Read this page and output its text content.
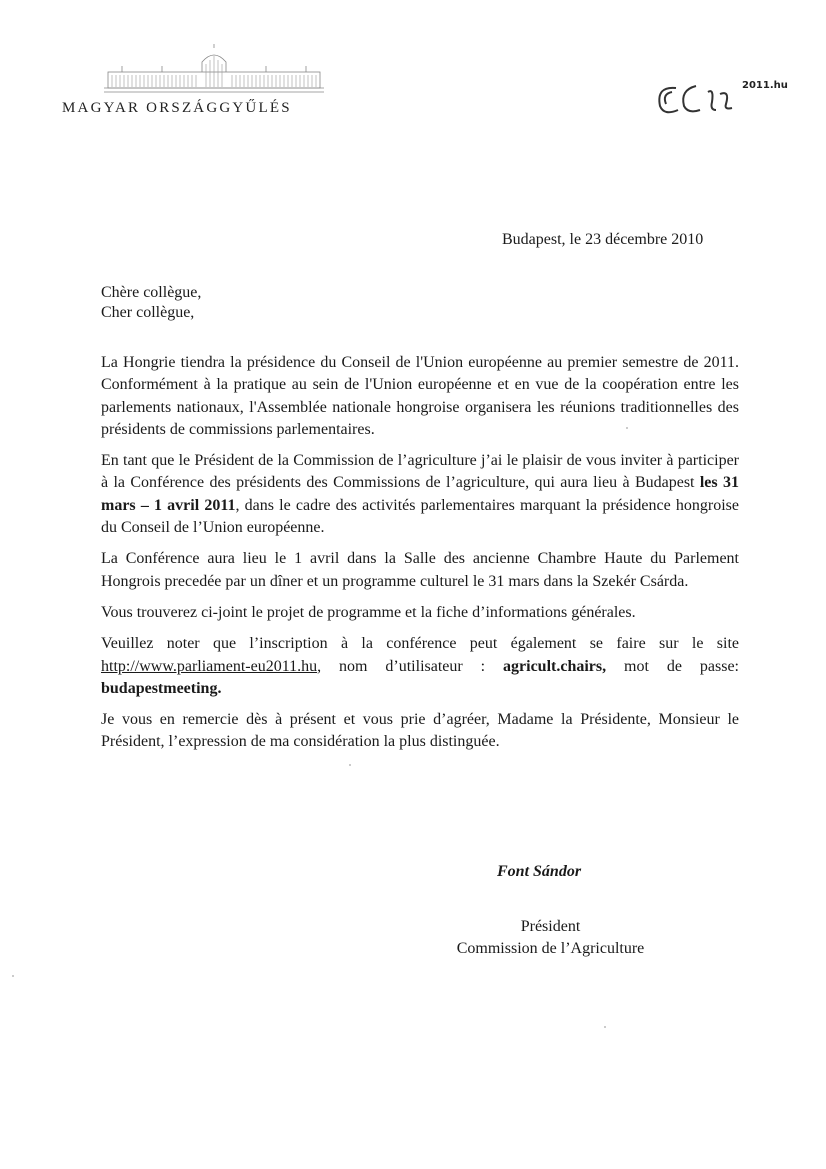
MAGYAR ORSZÁGGYŰLÉS
2011.hu
Budapest, le 23 décembre 2010
Chère collègue,
Cher collègue,

La Hongrie tiendra la présidence du Conseil de l'Union européenne au premier semestre de 2011. Conformément à la pratique au sein de l'Union européenne et en vue de la coopération entre les parlements nationaux, l'Assemblée nationale hongroise organisera les réunions traditionnelles des présidents de commissions parlementaires.

En tant que le Président de la Commission de l’agriculture j’ai le plaisir de vous inviter à participer à la Conférence des présidents des Commissions de l’agriculture, qui aura lieu à Budapest les 31 mars – 1 avril 2011, dans le cadre des activités parlementaires marquant la présidence hongroise du Conseil de l’Union européenne.

La Conférence aura lieu le 1 avril dans la Salle des ancienne Chambre Haute du Parlement Hongrois precedée par un dîner et un programme culturel le 31 mars dans la Szekér Csárda.

Vous trouverez ci-joint le projet de programme et la fiche d’informations générales.

Veuillez noter que l’inscription à la conférence peut également se faire sur le site http://www.parliament-eu2011.hu, nom d’utilisateur : agricult.chairs, mot de passe: budapestmeeting.

Je vous en remercie dès à présent et vous prie d’agréer, Madame la Présidente, Monsieur le Président, l’expression de ma considération la plus distinguée.

Font Sándor
Président
Commission de l’Agriculture
